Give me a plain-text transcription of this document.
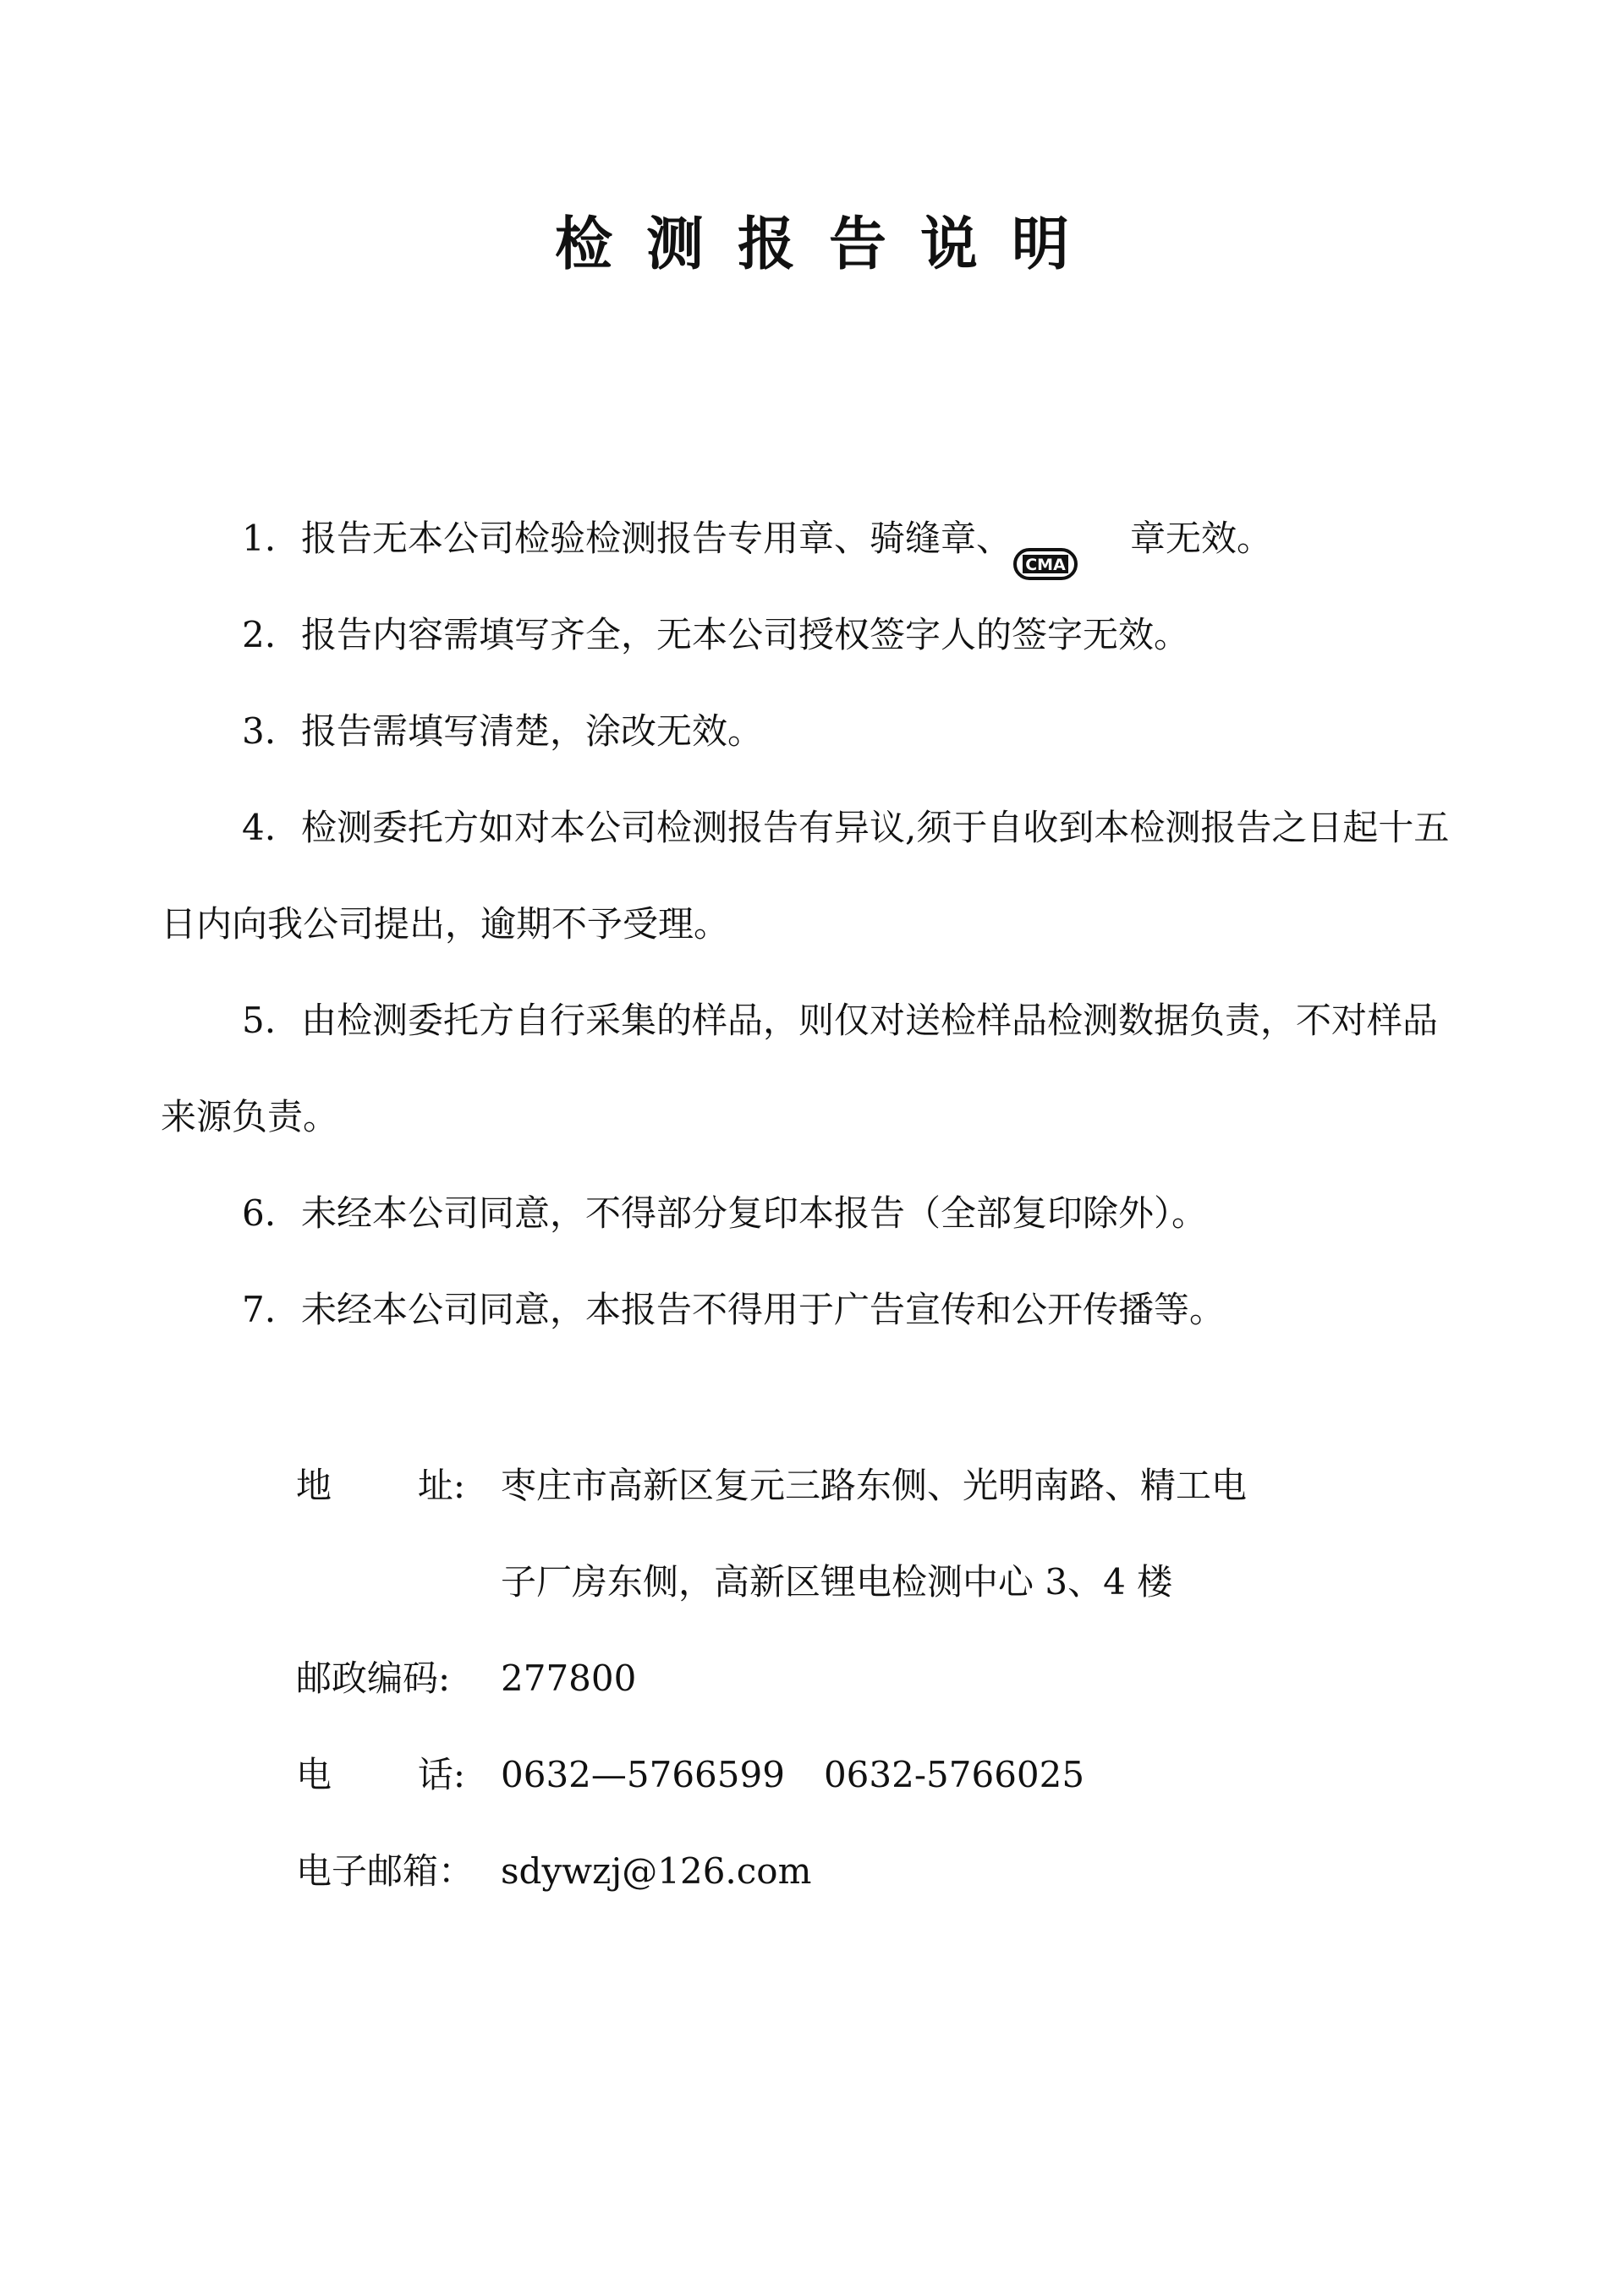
检测报告说明

1. 报告无本公司检验检测报告专用章、骑缝章、
CMA
章无效。

2. 报告内容需填写齐全，无本公司授权签字人的签字无效。

3. 报告需填写清楚，涂改无效。

4. 检测委托方如对本公司检测报告有异议,须于自收到本检测报告之日起十五日内向我公司提出，逾期不予受理。

5. 由检测委托方自行采集的样品，则仅对送检样品检测数据负责，不对样品来源负责。

6. 未经本公司同意，不得部分复印本报告（全部复印除外）。

7. 未经本公司同意，本报告不得用于广告宣传和公开传播等。

地 址: 枣庄市高新区复元三路东侧、光明南路、精工电
子厂房东侧，高新区锂电检测中心 3、4 楼
邮政编码:	277800
电 话: 0632—5766599 0632-5766025
电子邮箱： sdywzj@126.com
